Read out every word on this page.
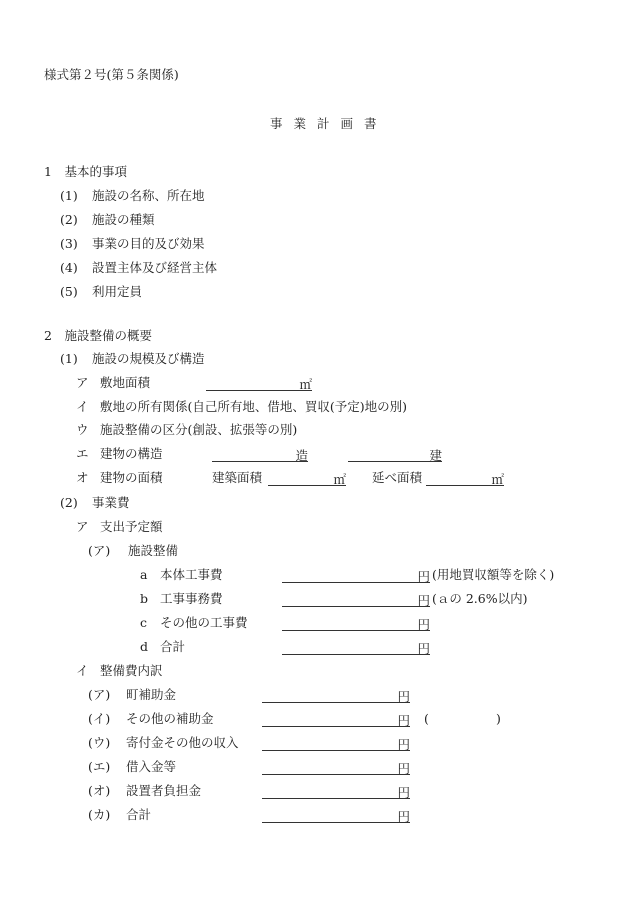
様式第２号(第５条関係)
事業計画書
1　基本的事項
(1) 施設の名称、所在地
(2) 施設の種類
(3) 事業の目的及び効果
(4) 設置主体及び経営主体
(5) 利用定員
2　施設整備の概要
(1) 施設の規模及び構造
ア 敷地面積	㎡
イ 敷地の所有関係(自己所有地、借地、買収(予定)地の別)
ウ 施設整備の区分(創設、拡張等の別)
エ 建物の構造	造	建
オ 建物の面積	建築面積	㎡ 延べ面積	㎡
(2) 事業費
ア 支出予定額
(ア) 施設整備
a 本体工事費	円 (用地買収額等を除く)
b 工事事務費	円 (ａの 2.6%以内)
c その他の工事費	円
d 合計	円
イ 整備費内訳
(ア) 町補助金	円
(イ) その他の補助金	円 (	)
(ウ) 寄付金その他の収入	円
(エ) 借入金等	円
(オ) 設置者負担金	円
(カ) 合計	円
